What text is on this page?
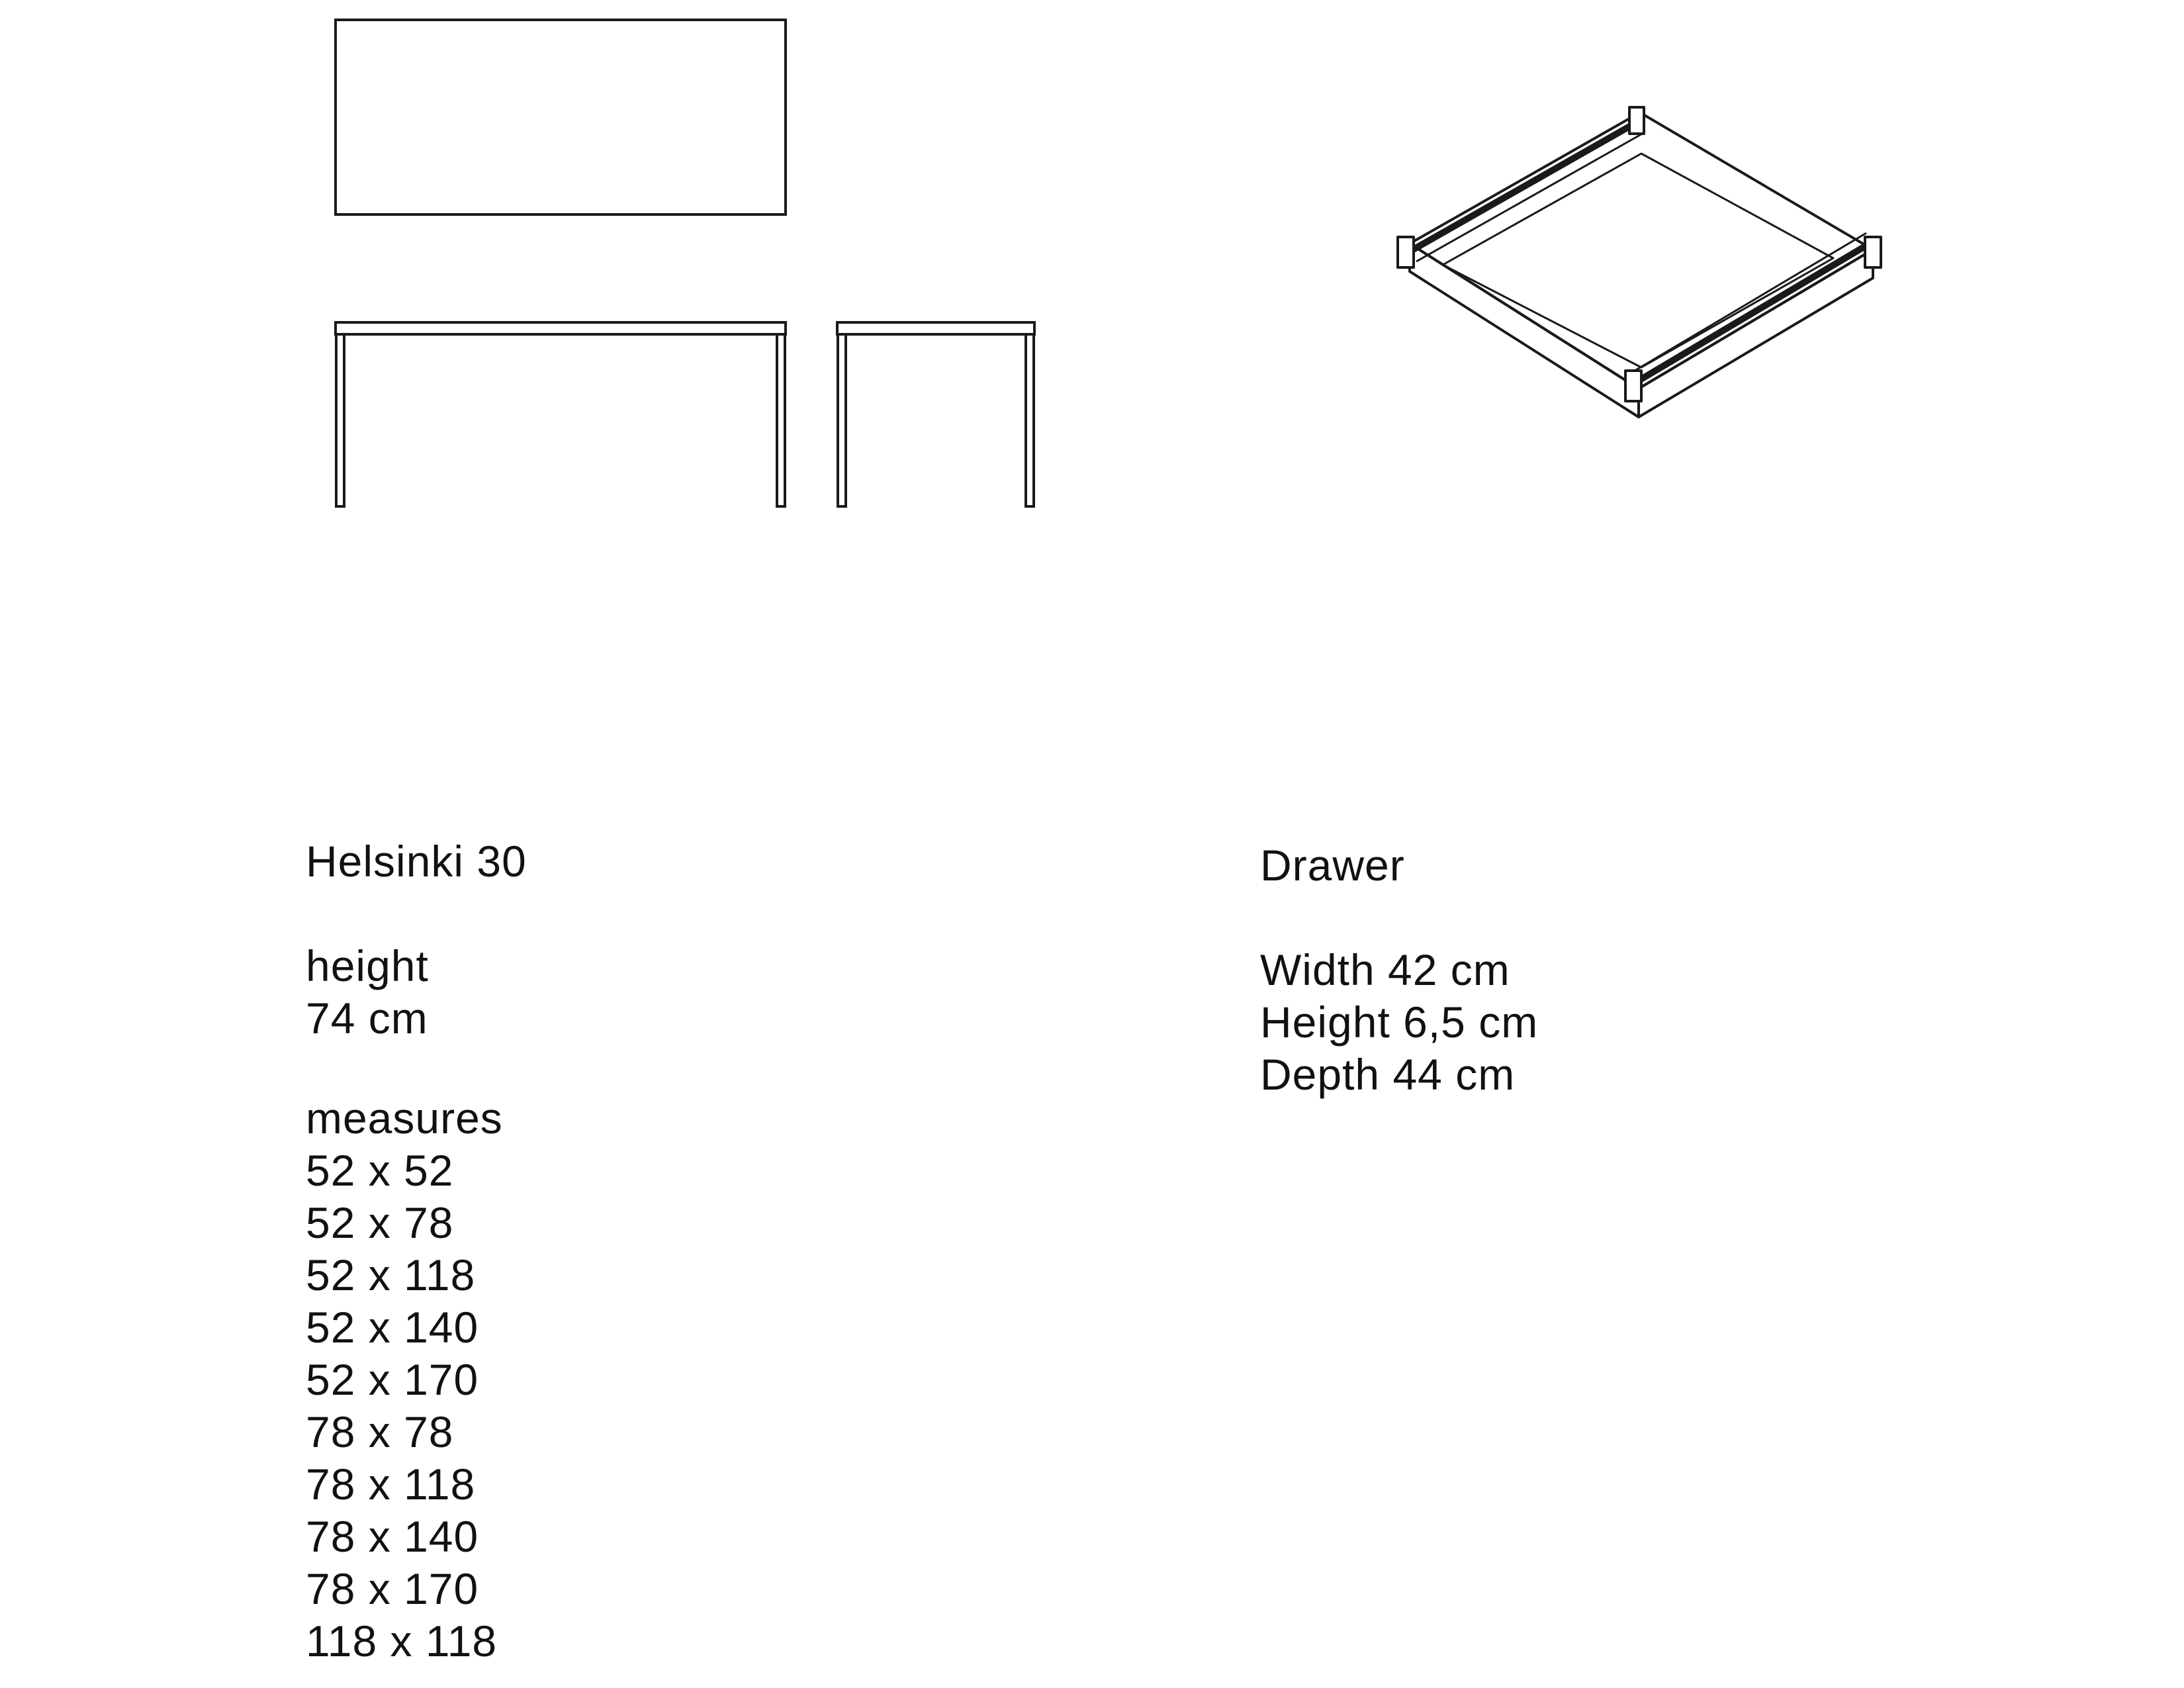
Helsinki 30
height
74 cm
measures
52 x 52
52 x 78
52 x 118
52 x 140
52 x 170
78 x 78
78 x 118
78 x 140
78 x 170
118 x 118
Drawer
Width 42 cm
Height 6,5 cm
Depth 44 cm
